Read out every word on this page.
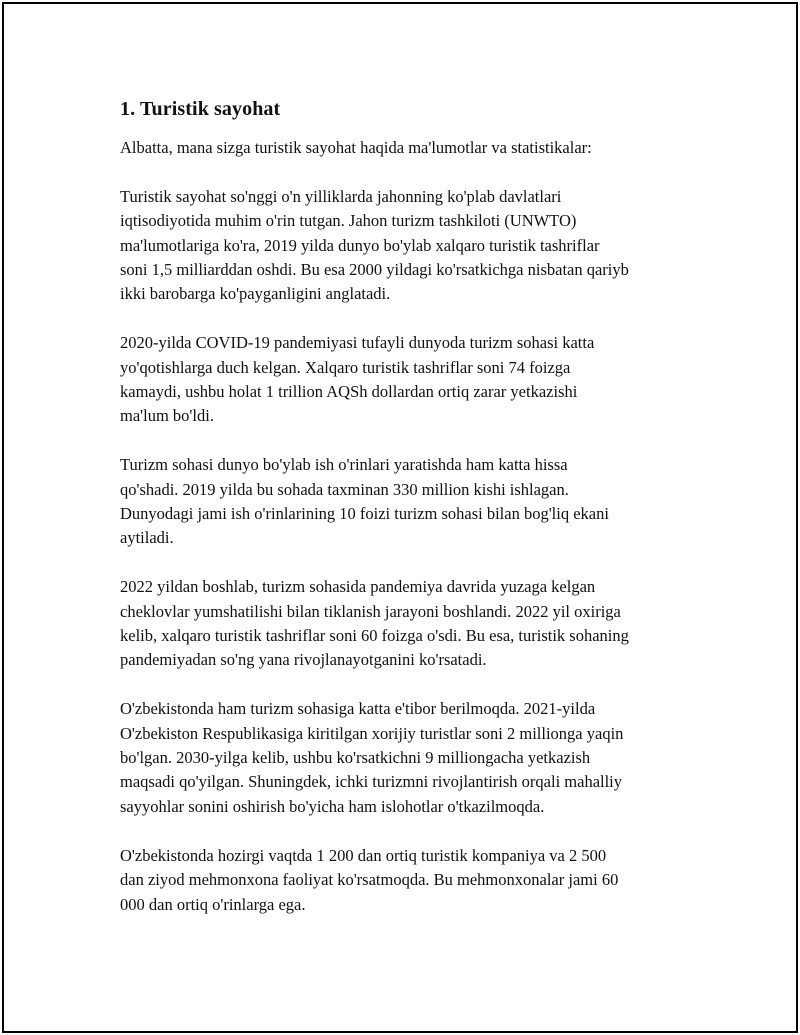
1. Turistik sayohat

Albatta, mana sizga turistik sayohat haqida ma'lumotlar va statistikalar:

Turistik sayohat so'nggi o'n yilliklarda jahonning ko'plab davlatlari
iqtisodiyotida muhim o'rin tutgan. Jahon turizm tashkiloti (UNWTO)
ma'lumotlariga ko'ra, 2019 yilda dunyo bo'ylab xalqaro turistik tashriflar
soni 1,5 milliarddan oshdi. Bu esa 2000 yildagi ko'rsatkichga nisbatan qariyb
ikki barobarga ko'payganligini anglatadi.

2020-yilda COVID-19 pandemiyasi tufayli dunyoda turizm sohasi katta
yo'qotishlarga duch kelgan. Xalqaro turistik tashriflar soni 74 foizga
kamaydi, ushbu holat 1 trillion AQSh dollardan ortiq zarar yetkazishi
ma'lum bo'ldi.

Turizm sohasi dunyo bo'ylab ish o'rinlari yaratishda ham katta hissa
qo'shadi. 2019 yilda bu sohada taxminan 330 million kishi ishlagan.
Dunyodagi jami ish o'rinlarining 10 foizi turizm sohasi bilan bog'liq ekani
aytiladi.

2022 yildan boshlab, turizm sohasida pandemiya davrida yuzaga kelgan
cheklovlar yumshatilishi bilan tiklanish jarayoni boshlandi. 2022 yil oxiriga
kelib, xalqaro turistik tashriflar soni 60 foizga o'sdi. Bu esa, turistik sohaning
pandemiyadan so'ng yana rivojlanayotganini ko'rsatadi.

O'zbekistonda ham turizm sohasiga katta e'tibor berilmoqda. 2021-yilda
O'zbekiston Respublikasiga kiritilgan xorijiy turistlar soni 2 millionga yaqin
bo'lgan. 2030-yilga kelib, ushbu ko'rsatkichni 9 milliongacha yetkazish
maqsadi qo'yilgan. Shuningdek, ichki turizmni rivojlantirish orqali mahalliy
sayyohlar sonini oshirish bo'yicha ham islohotlar o'tkazilmoqda.

O'zbekistonda hozirgi vaqtda 1 200 dan ortiq turistik kompaniya va 2 500
dan ziyod mehmonxona faoliyat ko'rsatmoqda. Bu mehmonxonalar jami 60
000 dan ortiq o'rinlarga ega.
